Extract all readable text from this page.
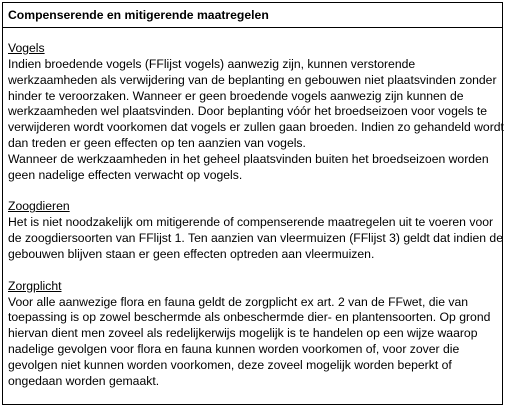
Compenserende en mitigerende maatregelen
Vogels
Indien broedende vogels (FFlijst vogels) aanwezig zijn, kunnen verstorende
werkzaamheden als verwijdering van de beplanting en gebouwen niet plaatsvinden zonder
hinder te veroorzaken. Wanneer er geen broedende vogels aanwezig zijn kunnen de
werkzaamheden wel plaatsvinden. Door beplanting vóór het broedseizoen voor vogels te
verwijderen wordt voorkomen dat vogels er zullen gaan broeden. Indien zo gehandeld wordt
dan treden er geen effecten op ten aanzien van vogels.
Wanneer de werkzaamheden in het geheel plaatsvinden buiten het broedseizoen worden
geen nadelige effecten verwacht op vogels.
Zoogdieren
Het is niet noodzakelijk om mitigerende of compenserende maatregelen uit te voeren voor
de zoogdiersoorten van FFlijst 1. Ten aanzien van vleermuizen (FFlijst 3) geldt dat indien de
gebouwen blijven staan er geen effecten optreden aan vleermuizen.
Zorgplicht
Voor alle aanwezige flora en fauna geldt de zorgplicht ex art. 2 van de FFwet, die van
toepassing is op zowel beschermde als onbeschermde dier- en plantensoorten. Op grond
hiervan dient men zoveel als redelijkerwijs mogelijk is te handelen op een wijze waarop
nadelige gevolgen voor flora en fauna kunnen worden voorkomen of, voor zover die
gevolgen niet kunnen worden voorkomen, deze zoveel mogelijk worden beperkt of
ongedaan worden gemaakt.
